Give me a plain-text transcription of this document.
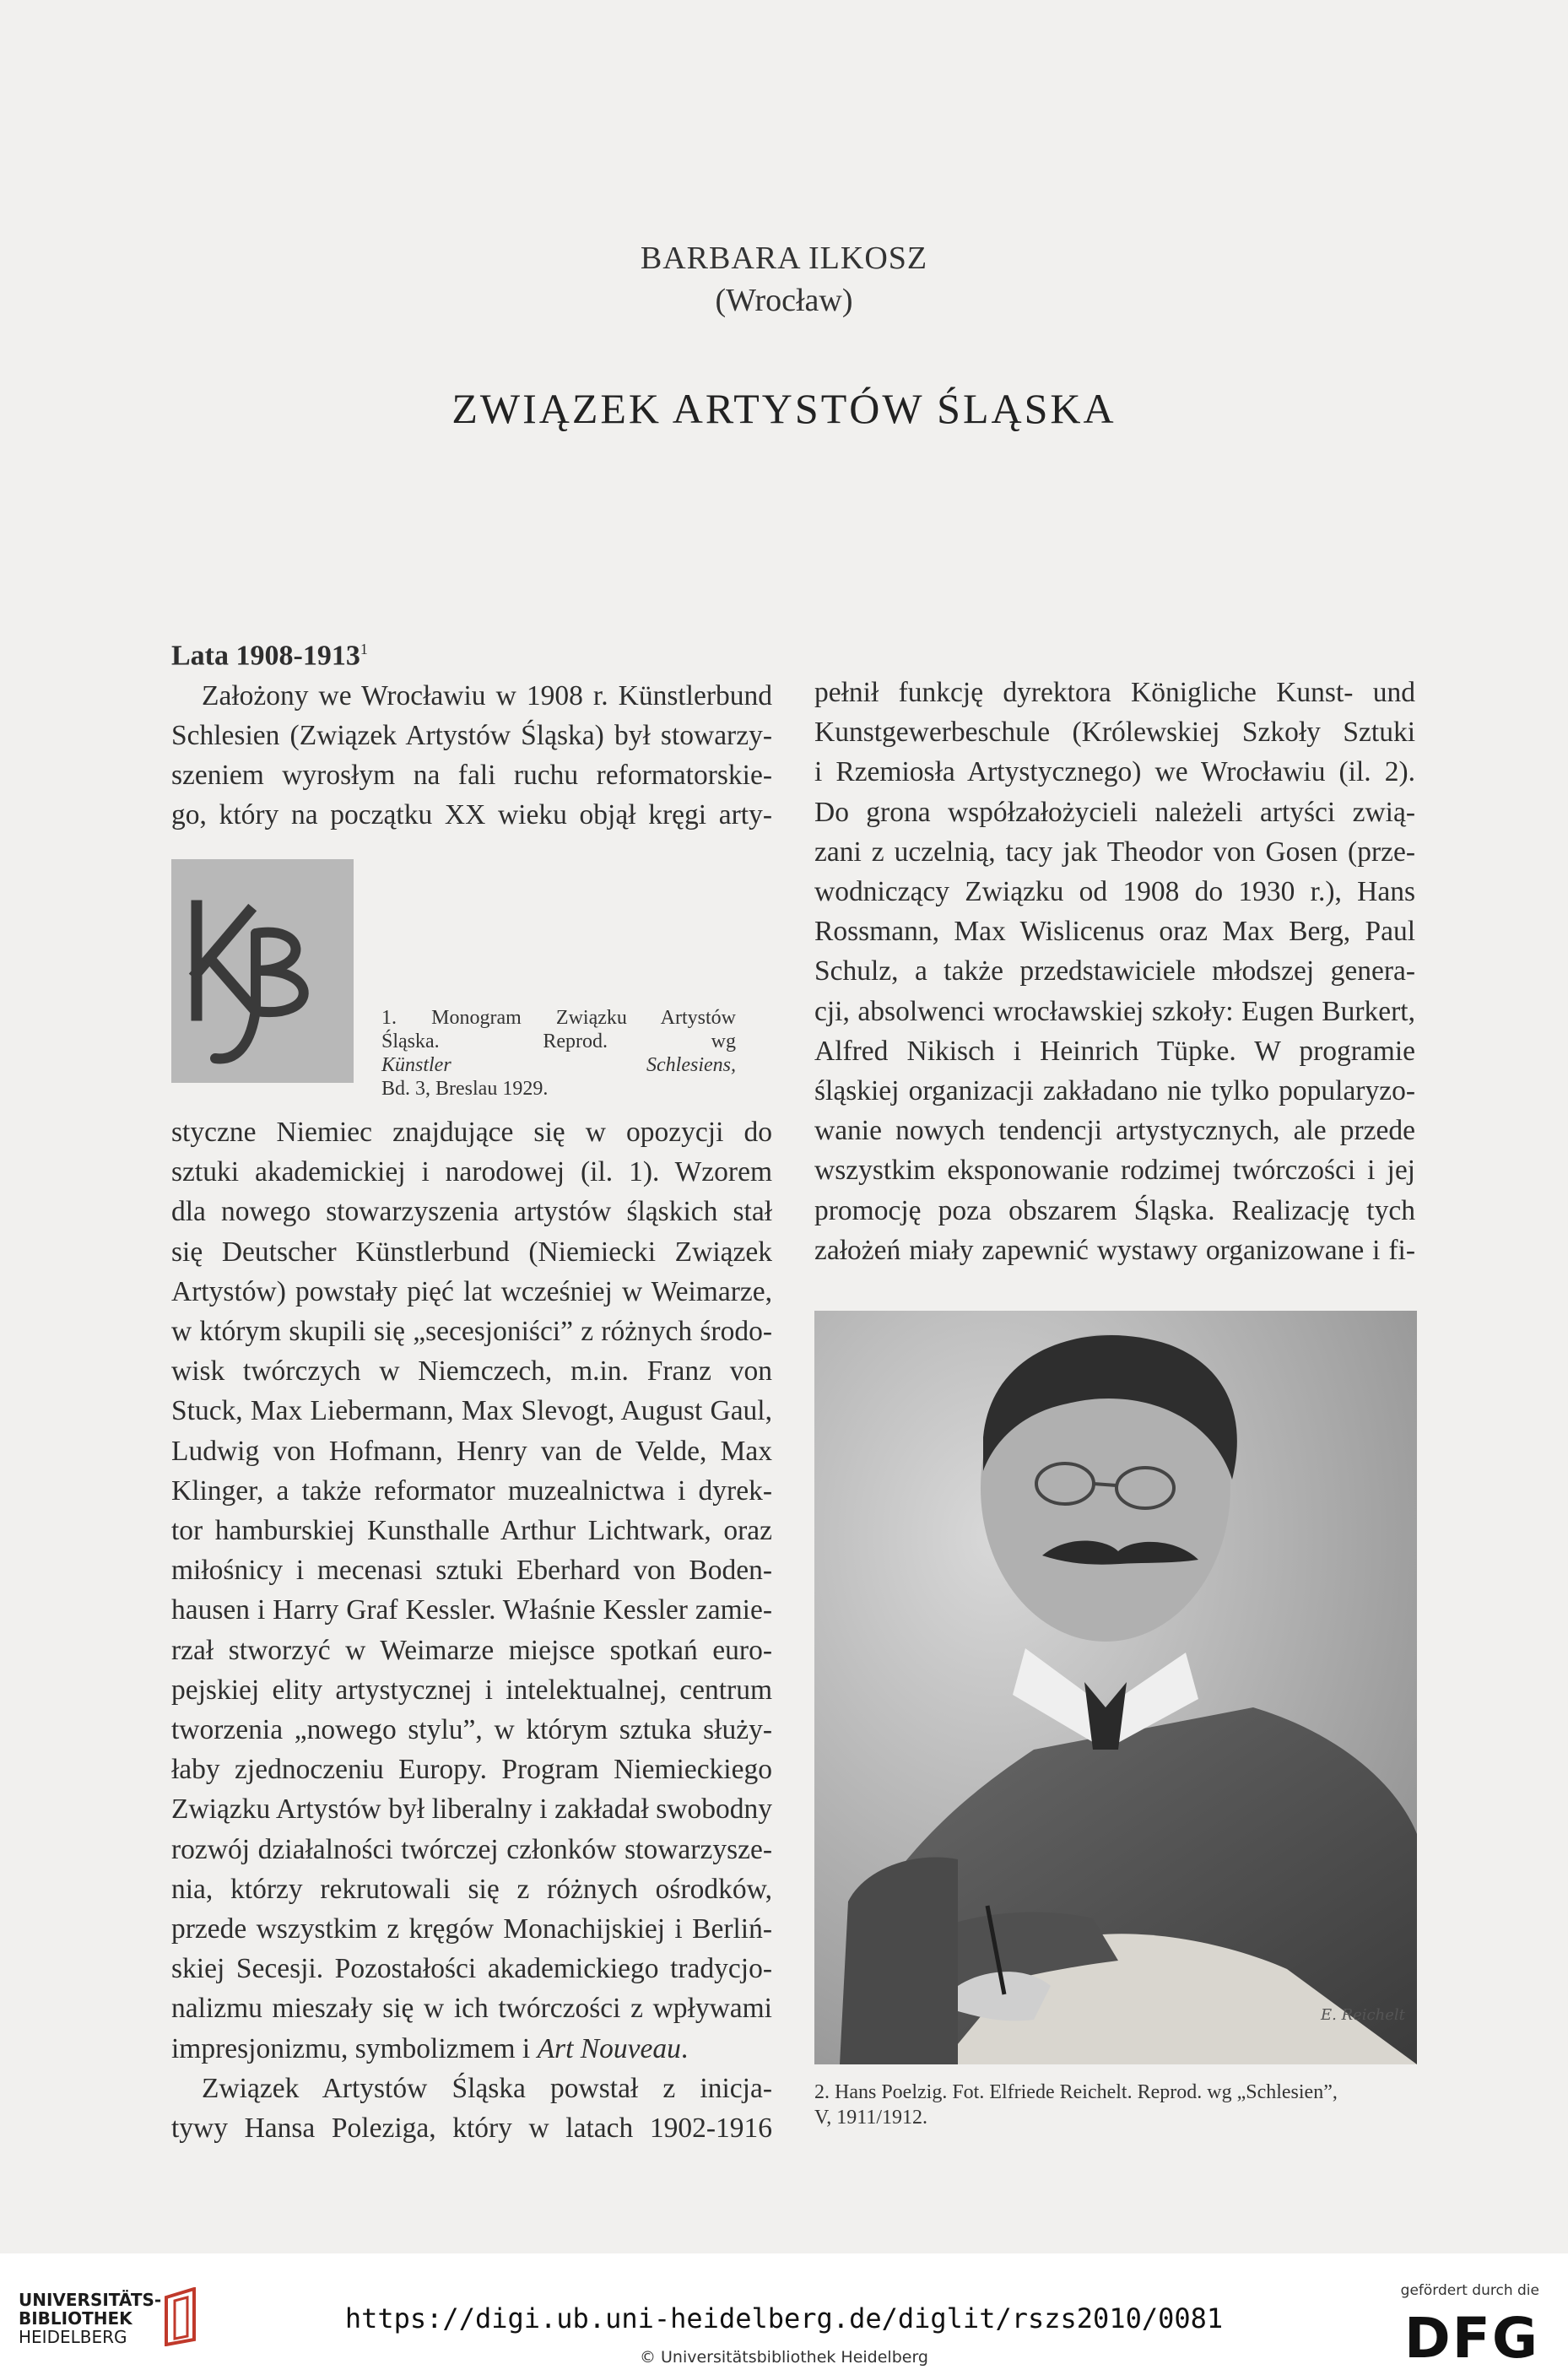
BARBARA ILKOSZ
(Wrocław)
ZWIĄZEK ARTYSTÓW ŚLĄSKA
Lata 1908-1913$^1$
Założony we Wrocławiu w 1908 r. Künstlerbund
Schlesien (Związek Artystów Śląska) był stowarzy-
szeniem wyrosłym na fali ruchu reformatorskie-
go, który na początku XX wieku objął kręgi arty-
1. Monogram Związku Artystów
Śląska. Reprod. wg
Künstler Schlesiens,
Bd. 3, Breslau 1929.
styczne Niemiec znajdujące się w opozycji do
sztuki akademickiej i narodowej (il. 1). Wzorem
dla nowego stowarzyszenia artystów śląskich stał
się Deutscher Künstlerbund (Niemiecki Związek
Artystów) powstały pięć lat wcześniej w Weimarze,
w którym skupili się „secesjoniści” z różnych środo-
wisk twórczych w Niemczech, m.in. Franz von
Stuck, Max Liebermann, Max Slevogt, August Gaul,
Ludwig von Hofmann, Henry van de Velde, Max
Klinger, a także reformator muzealnictwa i dyrek-
tor hamburskiej Kunsthalle Arthur Lichtwark, oraz
miłośnicy i mecenasi sztuki Eberhard von Boden-
hausen i Harry Graf Kessler. Właśnie Kessler zamie-
rzał stworzyć w Weimarze miejsce spotkań euro-
pejskiej elity artystycznej i intelektualnej, centrum
tworzenia „nowego stylu”, w którym sztuka służy-
łaby zjednoczeniu Europy. Program Niemieckiego
Związku Artystów był liberalny i zakładał swobodny
rozwój działalności twórczej członków stowarzysze-
nia, którzy rekrutowali się z różnych ośrodków,
przede wszystkim z kręgów Monachijskiej i Berliń-
skiej Secesji. Pozostałości akademickiego tradycjo-
nalizmu mieszały się w ich twórczości z wpływami
impresjonizmu, symbolizmem i Art Nouveau.
Związek Artystów Śląska powstał z inicja-
tywy Hansa Poleziga, który w latach 1902-1916
pełnił funkcję dyrektora Königliche Kunst- und
Kunstgewerbeschule (Królewskiej Szkoły Sztuki
i Rzemiosła Artystycznego) we Wrocławiu (il. 2).
Do grona współzałożycieli należeli artyści zwią-
zani z uczelnią, tacy jak Theodor von Gosen (prze-
wodniczący Związku od 1908 do 1930 r.), Hans
Rossmann, Max Wislicenus oraz Max Berg, Paul
Schulz, a także przedstawiciele młodszej genera-
cji, absolwenci wrocławskiej szkoły: Eugen Burkert,
Alfred Nikisch i Heinrich Tüpke. W programie
śląskiej organizacji zakładano nie tylko popularyzo-
wanie nowych tendencji artystycznych, ale przede
wszystkim eksponowanie rodzimej twórczości i jej
promocję poza obszarem Śląska. Realizację tych
założeń miały zapewnić wystawy organizowane i fi-
E. Reichelt
2. Hans Poelzig. Fot. Elfriede Reichelt. Reprod. wg „Schlesien”,
V, 1911/1912.
UNIVERSITÄTS-
BIBLIOTHEK
HEIDELBERG
https://digi.ub.uni-heidelberg.de/diglit/rszs2010/0081
© Universitätsbibliothek Heidelberg
gefördert durch die
DFG
